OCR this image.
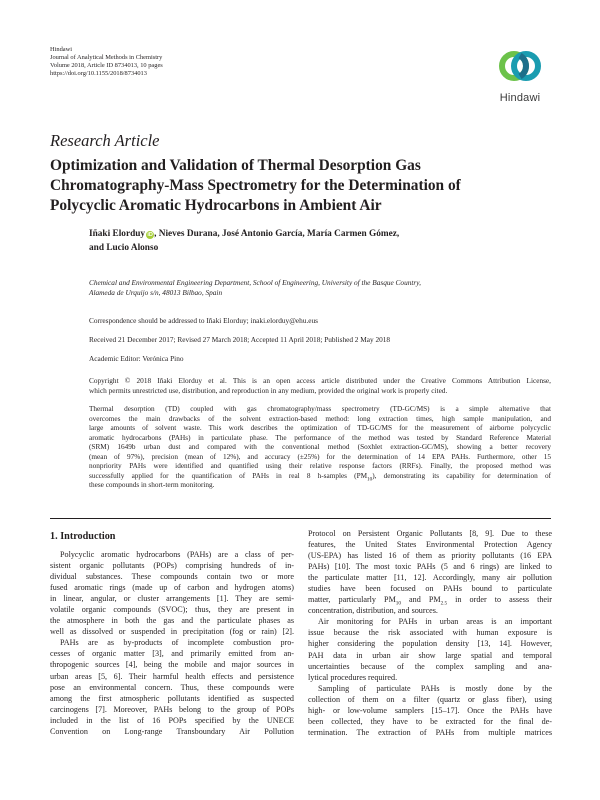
Hindawi
Journal of Analytical Methods in Chemistry
Volume 2018, Article ID 8734013, 10 pages
https://doi.org/10.1155/2018/8734013
Hindawi
Research Article
Optimization and Validation of Thermal Desorption Gas
Chromatography-Mass Spectrometry for the Determination of
Polycyclic Aromatic Hydrocarbons in Ambient Air
Iñaki Elorduy iD, Nieves Durana, José Antonio García, María Carmen Gómez,
and Lucio Alonso
Chemical and Environmental Engineering Department, School of Engineering, University of the Basque Country,
Alameda de Urquijo s/n, 48013 Bilbao, Spain
Correspondence should be addressed to Iñaki Elorduy; inaki.elorduy@ehu.eus
Received 21 December 2017; Revised 27 March 2018; Accepted 11 April 2018; Published 2 May 2018
Academic Editor: Verónica Pino
Copyright © 2018 Iñaki Elorduy et al. This is an open access article distributed under the Creative Commons Attribution License,
which permits unrestricted use, distribution, and reproduction in any medium, provided the original work is properly cited.
Thermal desorption (TD) coupled with gas chromatography/mass spectrometry (TD-GC/MS) is a simple alternative that
overcomes the main drawbacks of the solvent extraction-based method: long extraction times, high sample manipulation, and
large amounts of solvent waste. This work describes the optimization of TD-GC/MS for the measurement of airborne polycyclic
aromatic hydrocarbons (PAHs) in particulate phase. The performance of the method was tested by Standard Reference Material
(SRM) 1649b urban dust and compared with the conventional method (Soxhlet extraction-GC/MS), showing a better recovery
(mean of 97%), precision (mean of 12%), and accuracy (±25%) for the determination of 14 EPA PAHs. Furthermore, other 15
nonpriority PAHs were identified and quantified using their relative response factors (RRFs). Finally, the proposed method was
successfully applied for the quantification of PAHs in real 8 h-samples $(PM_{10})$, demonstrating its capability for determination of
these compounds in short-term monitoring.
1. Introduction
Polycyclic aromatic hydrocarbons (PAHs) are a class of per-
sistent organic pollutants (POPs) comprising hundreds of in-
dividual substances. These compounds contain two or more
fused aromatic rings (made up of carbon and hydrogen atoms)
in linear, angular, or cluster arrangements [1]. They are semi-
volatile organic compounds (SVOC); thus, they are present in
the atmosphere in both the gas and the particulate phases as
well as dissolved or suspended in precipitation (fog or rain) [2].
PAHs are as by-products of incomplete combustion pro-
cesses of organic matter [3], and primarily emitted from an-
thropogenic sources [4], being the mobile and major sources in
urban areas [5, 6]. Their harmful health effects and persistence
pose an environmental concern. Thus, these compounds were
among the first atmospheric pollutants identified as suspected
carcinogens [7]. Moreover, PAHs belong to the group of POPs
included in the list of 16 POPs specified by the UNECE
Convention on Long-range Transboundary Air Pollution
Protocol on Persistent Organic Pollutants [8, 9]. Due to these
features, the United States Environmental Protection Agency
(US-EPA) has listed 16 of them as priority pollutants (16 EPA
PAHs) [10]. The most toxic PAHs (5 and 6 rings) are linked to
the particulate matter [11, 12]. Accordingly, many air pollution
studies have been focused on PAHs bound to particulate
matter, particularly $PM_{10}$ and $PM_{2.5}$ in order to assess their
concentration, distribution, and sources.
Air monitoring for PAHs in urban areas is an important
issue because the risk associated with human exposure is
higher considering the population density [13, 14]. However,
PAH data in urban air show large spatial and temporal
uncertainties because of the complex sampling and ana-
lytical procedures required.
Sampling of particulate PAHs is mostly done by the
collection of them on a filter (quartz or glass fiber), using
high- or low-volume samplers [15–17]. Once the PAHs have
been collected, they have to be extracted for the final de-
termination. The extraction of PAHs from multiple matrices
